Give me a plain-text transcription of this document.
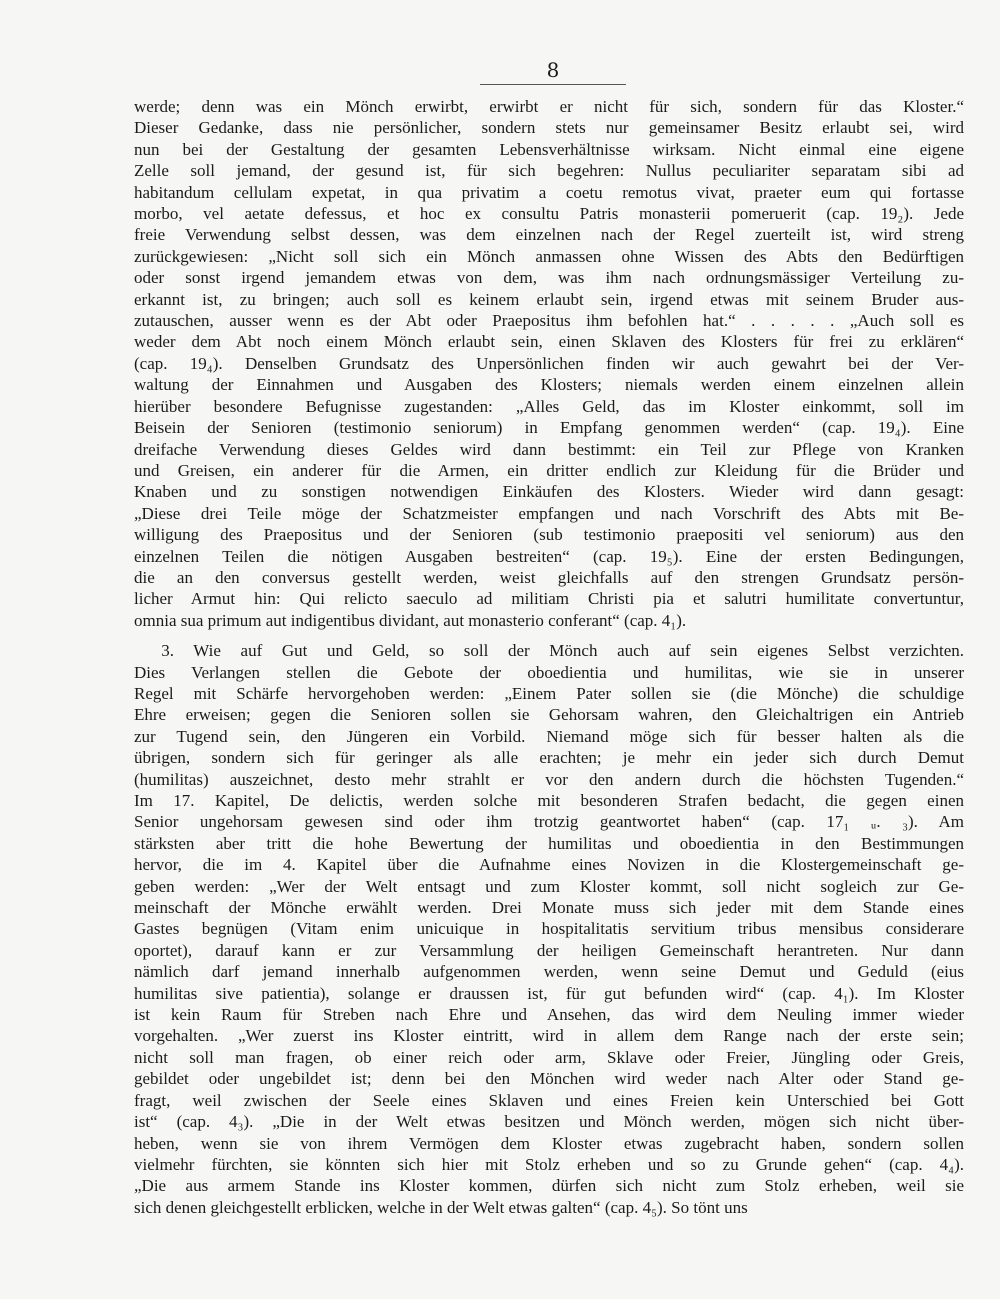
8
werde; denn was ein Mönch erwirbt, erwirbt er nicht für sich, sondern für das Kloster.“
Dieser Gedanke, dass nie persönlicher, sondern stets nur gemeinsamer Besitz erlaubt sei, wird
nun bei der Gestaltung der gesamten Lebensverhältnisse wirksam. Nicht einmal eine eigene
Zelle soll jemand, der gesund ist, für sich begehren: Nullus peculiariter separatam sibi ad
habitandum cellulam expetat, in qua privatim a coetu remotus vivat, praeter eum qui fortasse
morbo, vel aetate defessus, et hoc ex consultu Patris monasterii pomeruerit (cap. 19₂). Jede
freie Verwendung selbst dessen, was dem einzelnen nach der Regel zuerteilt ist, wird streng
zurückgewiesen: „Nicht soll sich ein Mönch anmassen ohne Wissen des Abts den Bedürftigen
oder sonst irgend jemandem etwas von dem, was ihm nach ordnungsmässiger Verteilung zu-
erkannt ist, zu bringen; auch soll es keinem erlaubt sein, irgend etwas mit seinem Bruder aus-
zutauschen, ausser wenn es der Abt oder Praepositus ihm befohlen hat.“ . . . . . „Auch soll es
weder dem Abt noch einem Mönch erlaubt sein, einen Sklaven des Klosters für frei zu erklären“
(cap. 19₄). Denselben Grundsatz des Unpersönlichen finden wir auch gewahrt bei der Ver-
waltung der Einnahmen und Ausgaben des Klosters; niemals werden einem einzelnen allein
hierüber besondere Befugnisse zugestanden: „Alles Geld, das im Kloster einkommt, soll im
Beisein der Senioren (testimonio seniorum) in Empfang genommen werden“ (cap. 19₄). Eine
dreifache Verwendung dieses Geldes wird dann bestimmt: ein Teil zur Pflege von Kranken
und Greisen, ein anderer für die Armen, ein dritter endlich zur Kleidung für die Brüder und
Knaben und zu sonstigen notwendigen Einkäufen des Klosters. Wieder wird dann gesagt:
„Diese drei Teile möge der Schatzmeister empfangen und nach Vorschrift des Abts mit Be-
willigung des Praepositus und der Senioren (sub testimonio praepositi vel seniorum) aus den
einzelnen Teilen die nötigen Ausgaben bestreiten“ (cap. 19₅). Eine der ersten Bedingungen,
die an den conversus gestellt werden, weist gleichfalls auf den strengen Grundsatz persön-
licher Armut hin: Qui relicto saeculo ad militiam Christi pia et salutri humilitate convertuntur,
omnia sua primum aut indigentibus dividant, aut monasterio conferant“ (cap. 4₁).
3. Wie auf Gut und Geld, so soll der Mönch auch auf sein eigenes Selbst verzichten.
Dies Verlangen stellen die Gebote der oboedientia und humilitas, wie sie in unserer
Regel mit Schärfe hervorgehoben werden: „Einem Pater sollen sie (die Mönche) die schuldige
Ehre erweisen; gegen die Senioren sollen sie Gehorsam wahren, den Gleichaltrigen ein Antrieb
zur Tugend sein, den Jüngeren ein Vorbild. Niemand möge sich für besser halten als die
übrigen, sondern sich für geringer als alle erachten; je mehr ein jeder sich durch Demut
(humilitas) auszeichnet, desto mehr strahlt er vor den andern durch die höchsten Tugenden.“
Im 17. Kapitel, De delictis, werden solche mit besonderen Strafen bedacht, die gegen einen
Senior ungehorsam gewesen sind oder ihm trotzig geantwortet haben“ (cap. 17₁ ᵤ. ₃). Am
stärksten aber tritt die hohe Bewertung der humilitas und oboedientia in den Bestimmungen
hervor, die im 4. Kapitel über die Aufnahme eines Novizen in die Klostergemeinschaft ge-
geben werden: „Wer der Welt entsagt und zum Kloster kommt, soll nicht sogleich zur Ge-
meinschaft der Mönche erwählt werden. Drei Monate muss sich jeder mit dem Stande eines
Gastes begnügen (Vitam enim unicuique in hospitalitatis servitium tribus mensibus considerare
oportet), darauf kann er zur Versammlung der heiligen Gemeinschaft herantreten. Nur dann
nämlich darf jemand innerhalb aufgenommen werden, wenn seine Demut und Geduld (eius
humilitas sive patientia), solange er draussen ist, für gut befunden wird“ (cap. 4₁). Im Kloster
ist kein Raum für Streben nach Ehre und Ansehen, das wird dem Neuling immer wieder
vorgehalten. „Wer zuerst ins Kloster eintritt, wird in allem dem Range nach der erste sein;
nicht soll man fragen, ob einer reich oder arm, Sklave oder Freier, Jüngling oder Greis,
gebildet oder ungebildet ist; denn bei den Mönchen wird weder nach Alter oder Stand ge-
fragt, weil zwischen der Seele eines Sklaven und eines Freien kein Unterschied bei Gott
ist“ (cap. 4₃). „Die in der Welt etwas besitzen und Mönch werden, mögen sich nicht über-
heben, wenn sie von ihrem Vermögen dem Kloster etwas zugebracht haben, sondern sollen
vielmehr fürchten, sie könnten sich hier mit Stolz erheben und so zu Grunde gehen“ (cap. 4₄).
„Die aus armem Stande ins Kloster kommen, dürfen sich nicht zum Stolz erheben, weil sie
sich denen gleichgestellt erblicken, welche in der Welt etwas galten“ (cap. 4₅). So tönt uns
